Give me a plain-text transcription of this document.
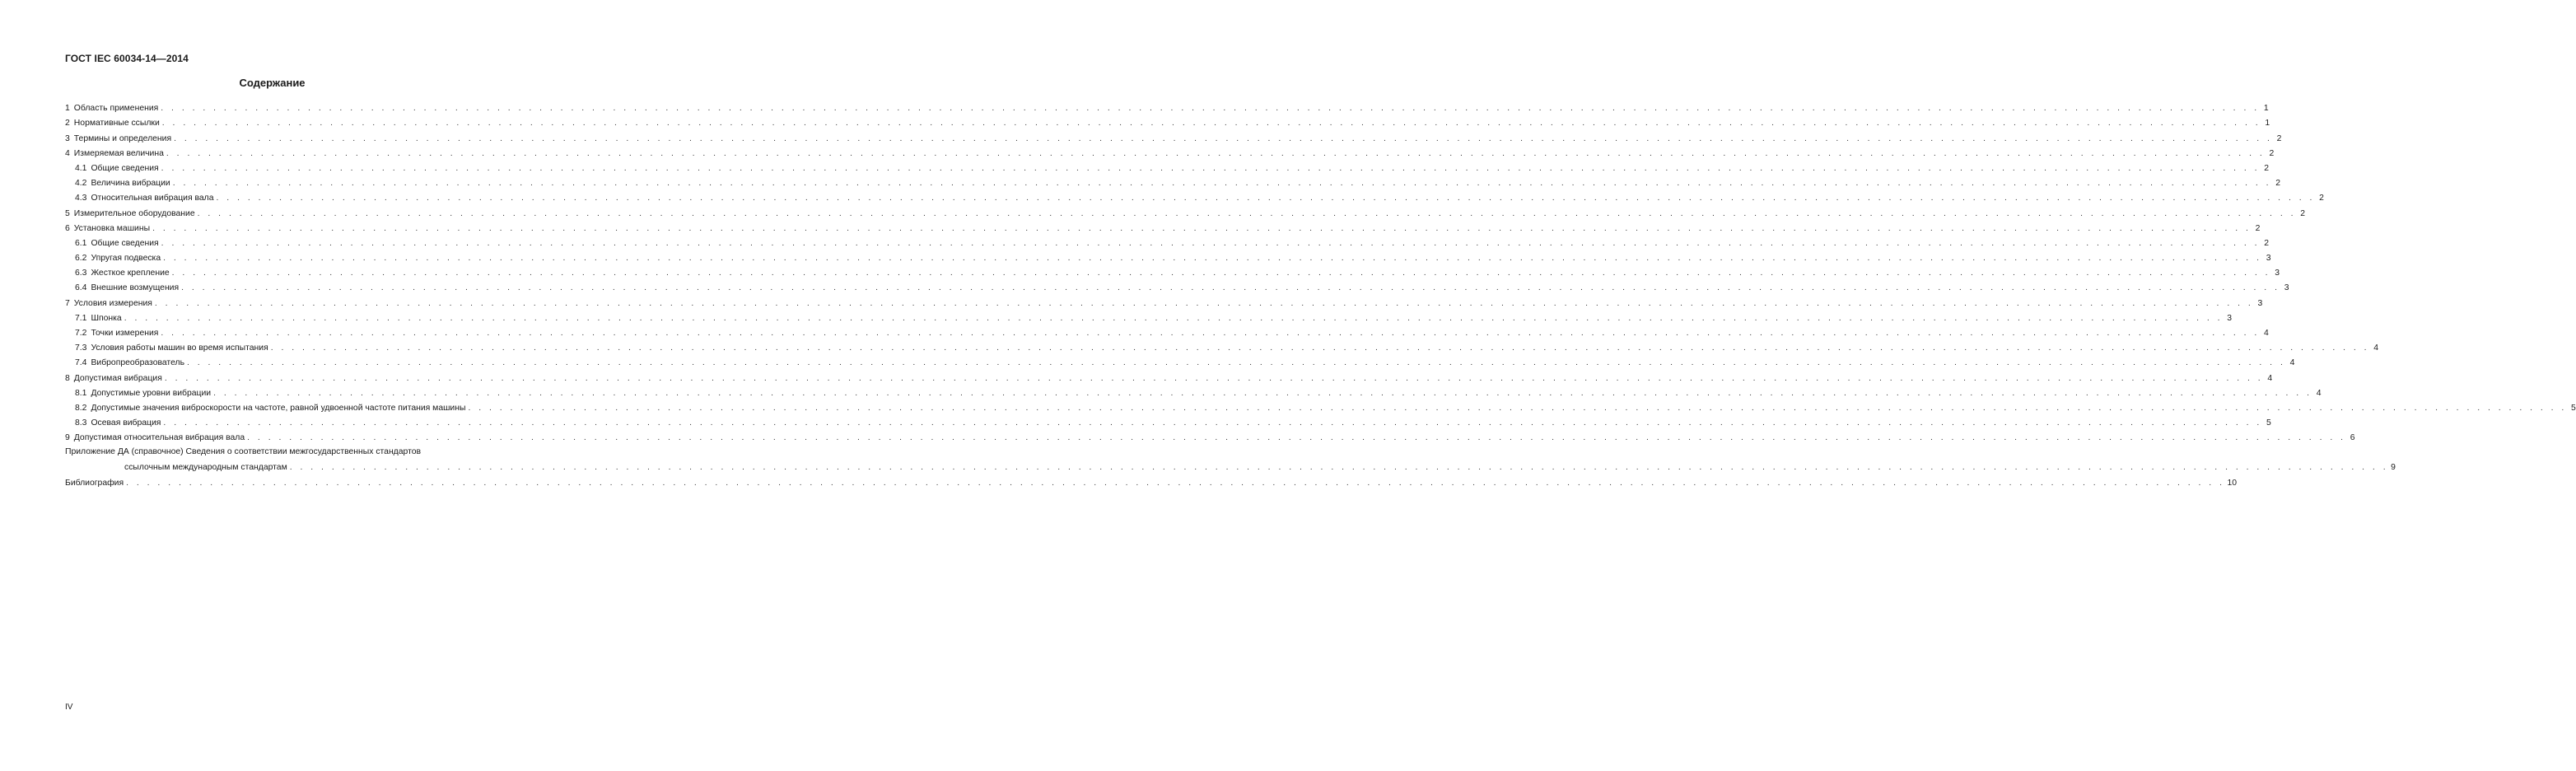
ГОСТ IEC 60034-14—2014
Содержание
1 Область применения . . . . . . . . . . . . . . . . . . . . . . . . . . . . . . . . . . . . . . . . . . . . . . . . . . . . . . . . . . . . . . . . . . . . . . . . . . . . . . . . . . . . . . . . . . . . . . . . . . . . . . . . . . . . . . . . . . . . . . . . . . . . . . . . . . . . . . . . . . . . . . . . . . . . . . . . . . . . . . . . . . . . . . . . . . . . . . . . . . . . . . . . . . . . . . . . . . . . . . . . 1
2 Нормативные ссылки . . . . . . . . . . . . . . . . . . . . . . . . . . . . . . . . . . . . . . . . . . . . . . . . . . . . . . . . . . . . . . . . . . . . . . . . . . . . . . . . . . . . . . . . . . . . . . . . . . . . . . . . . . . . . . . . . . . . . . . . . . . . . . . . . . . . . . . . . . . . . . . . . . . . . . . . . . . . . . . . . . . . . . . . . . . . . . . . . . . . . . . . . . . . . . . . . . . . . . . . 1
3 Термины и определения . . . . . . . . . . . . . . . . . . . . . . . . . . . . . . . . . . . . . . . . . . . . . . . . . . . . . . . . . . . . . . . . . . . . . . . . . . . . . . . . . . . . . . . . . . . . . . . . . . . . . . . . . . . . . . . . . . . . . . . . . . . . . . . . . . . . . . . . . . . . . . . . . . . . . . . . . . . . . . . . . . . . . . . . . . . . . . . . . . . . . . . . . . . . . . . . . . . . . . . . 2
4 Измеряемая величина . . . . . . . . . . . . . . . . . . . . . . . . . . . . . . . . . . . . . . . . . . . . . . . . . . . . . . . . . . . . . . . . . . . . . . . . . . . . . . . . . . . . . . . . . . . . . . . . . . . . . . . . . . . . . . . . . . . . . . . . . . . . . . . . . . . . . . . . . . . . . . . . . . . . . . . . . . . . . . . . . . . . . . . . . . . . . . . . . . . . . . . . . . . . . . . . . . . . . . . . 2
4.1 Общие сведения . . . . . . . . . . . . . . . . . . . . . . . . . . . . . . . . . . . . . . . . . . . . . . . . . . . . . . . . . . . . . . . . . . . . . . . . . . . . . . . . . . . . . . . . . . . . . . . . . . . . . . . . . . . . . . . . . . . . . . . . . . . . . . . . . . . . . . . . . . . . . . . . . . . . . . . . . . . . . . . . . . . . . . . . . . . . . . . . . . . . . . . . . . . . . . . . . . . . . . . . 2
4.2 Величина вибрации . . . . . . . . . . . . . . . . . . . . . . . . . . . . . . . . . . . . . . . . . . . . . . . . . . . . . . . . . . . . . . . . . . . . . . . . . . . . . . . . . . . . . . . . . . . . . . . . . . . . . . . . . . . . . . . . . . . . . . . . . . . . . . . . . . . . . . . . . . . . . . . . . . . . . . . . . . . . . . . . . . . . . . . . . . . . . . . . . . . . . . . . . . . . . . . . . . . . . . . . 2
4.3 Относительная вибрация вала . . . . . . . . . . . . . . . . . . . . . . . . . . . . . . . . . . . . . . . . . . . . . . . . . . . . . . . . . . . . . . . . . . . . . . . . . . . . . . . . . . . . . . . . . . . . . . . . . . . . . . . . . . . . . . . . . . . . . . . . . . . . . . . . . . . . . . . . . . . . . . . . . . . . . . . . . . . . . . . . . . . . . . . . . . . . . . . . . . . . . . . . . . . . . . . . . . . . . . . . 2
5 Измерительное оборудование . . . . . . . . . . . . . . . . . . . . . . . . . . . . . . . . . . . . . . . . . . . . . . . . . . . . . . . . . . . . . . . . . . . . . . . . . . . . . . . . . . . . . . . . . . . . . . . . . . . . . . . . . . . . . . . . . . . . . . . . . . . . . . . . . . . . . . . . . . . . . . . . . . . . . . . . . . . . . . . . . . . . . . . . . . . . . . . . . . . . . . . . . . . . . . . . . . . . . . . . 2
6 Установка машины . . . . . . . . . . . . . . . . . . . . . . . . . . . . . . . . . . . . . . . . . . . . . . . . . . . . . . . . . . . . . . . . . . . . . . . . . . . . . . . . . . . . . . . . . . . . . . . . . . . . . . . . . . . . . . . . . . . . . . . . . . . . . . . . . . . . . . . . . . . . . . . . . . . . . . . . . . . . . . . . . . . . . . . . . . . . . . . . . . . . . . . . . . . . . . . . . . . . . . . . 2
6.1 Общие сведения . . . . . . . . . . . . . . . . . . . . . . . . . . . . . . . . . . . . . . . . . . . . . . . . . . . . . . . . . . . . . . . . . . . . . . . . . . . . . . . . . . . . . . . . . . . . . . . . . . . . . . . . . . . . . . . . . . . . . . . . . . . . . . . . . . . . . . . . . . . . . . . . . . . . . . . . . . . . . . . . . . . . . . . . . . . . . . . . . . . . . . . . . . . . . . . . . . . . . . . . 2
6.2 Упругая подвеска . . . . . . . . . . . . . . . . . . . . . . . . . . . . . . . . . . . . . . . . . . . . . . . . . . . . . . . . . . . . . . . . . . . . . . . . . . . . . . . . . . . . . . . . . . . . . . . . . . . . . . . . . . . . . . . . . . . . . . . . . . . . . . . . . . . . . . . . . . . . . . . . . . . . . . . . . . . . . . . . . . . . . . . . . . . . . . . . . . . . . . . . . . . . . . . . . . . . . . . . 3
6.3 Жесткое крепление . . . . . . . . . . . . . . . . . . . . . . . . . . . . . . . . . . . . . . . . . . . . . . . . . . . . . . . . . . . . . . . . . . . . . . . . . . . . . . . . . . . . . . . . . . . . . . . . . . . . . . . . . . . . . . . . . . . . . . . . . . . . . . . . . . . . . . . . . . . . . . . . . . . . . . . . . . . . . . . . . . . . . . . . . . . . . . . . . . . . . . . . . . . . . . . . . . . . . . . . 3
6.4 Внешние возмущения . . . . . . . . . . . . . . . . . . . . . . . . . . . . . . . . . . . . . . . . . . . . . . . . . . . . . . . . . . . . . . . . . . . . . . . . . . . . . . . . . . . . . . . . . . . . . . . . . . . . . . . . . . . . . . . . . . . . . . . . . . . . . . . . . . . . . . . . . . . . . . . . . . . . . . . . . . . . . . . . . . . . . . . . . . . . . . . . . . . . . . . . . . . . . . . . . . . . . . . . 3
7 Условия измерения . . . . . . . . . . . . . . . . . . . . . . . . . . . . . . . . . . . . . . . . . . . . . . . . . . . . . . . . . . . . . . . . . . . . . . . . . . . . . . . . . . . . . . . . . . . . . . . . . . . . . . . . . . . . . . . . . . . . . . . . . . . . . . . . . . . . . . . . . . . . . . . . . . . . . . . . . . . . . . . . . . . . . . . . . . . . . . . . . . . . . . . . . . . . . . . . . . . . . . . . 3
7.1 Шпонка . . . . . . . . . . . . . . . . . . . . . . . . . . . . . . . . . . . . . . . . . . . . . . . . . . . . . . . . . . . . . . . . . . . . . . . . . . . . . . . . . . . . . . . . . . . . . . . . . . . . . . . . . . . . . . . . . . . . . . . . . . . . . . . . . . . . . . . . . . . . . . . . . . . . . . . . . . . . . . . . . . . . . . . . . . . . . . . . . . . . . . . . . . . . . . . . . . . . . . . . 3
7.2 Точки измерения . . . . . . . . . . . . . . . . . . . . . . . . . . . . . . . . . . . . . . . . . . . . . . . . . . . . . . . . . . . . . . . . . . . . . . . . . . . . . . . . . . . . . . . . . . . . . . . . . . . . . . . . . . . . . . . . . . . . . . . . . . . . . . . . . . . . . . . . . . . . . . . . . . . . . . . . . . . . . . . . . . . . . . . . . . . . . . . . . . . . . . . . . . . . . . . . . . . . . . . . 4
7.3 Условия работы машин во время испытания . . . . . . . . . . . . . . . . . . . . . . . . . . . . . . . . . . . . . . . . . . . . . . . . . . . . . . . . . . . . . . . . . . . . . . . . . . . . . . . . . . . . . . . . . . . . . . . . . . . . . . . . . . . . . . . . . . . . . . . . . . . . . . . . . . . . . . . . . . . . . . . . . . . . . . . . . . . . . . . . . . . . . . . . . . . . . . . . . . . . . . . . . . . . . . . . . . . . . . . . 4
7.4 Вибропреобразователь . . . . . . . . . . . . . . . . . . . . . . . . . . . . . . . . . . . . . . . . . . . . . . . . . . . . . . . . . . . . . . . . . . . . . . . . . . . . . . . . . . . . . . . . . . . . . . . . . . . . . . . . . . . . . . . . . . . . . . . . . . . . . . . . . . . . . . . . . . . . . . . . . . . . . . . . . . . . . . . . . . . . . . . . . . . . . . . . . . . . . . . . . . . . . . . . . . . . . . . . 4
8 Допустимая вибрация . . . . . . . . . . . . . . . . . . . . . . . . . . . . . . . . . . . . . . . . . . . . . . . . . . . . . . . . . . . . . . . . . . . . . . . . . . . . . . . . . . . . . . . . . . . . . . . . . . . . . . . . . . . . . . . . . . . . . . . . . . . . . . . . . . . . . . . . . . . . . . . . . . . . . . . . . . . . . . . . . . . . . . . . . . . . . . . . . . . . . . . . . . . . . . . . . . . . . . . . 4
8.1 Допустимые уровни вибрации . . . . . . . . . . . . . . . . . . . . . . . . . . . . . . . . . . . . . . . . . . . . . . . . . . . . . . . . . . . . . . . . . . . . . . . . . . . . . . . . . . . . . . . . . . . . . . . . . . . . . . . . . . . . . . . . . . . . . . . . . . . . . . . . . . . . . . . . . . . . . . . . . . . . . . . . . . . . . . . . . . . . . . . . . . . . . . . . . . . . . . . . . . . . . . . . . . . . . . . . 4
8.2 Допустимые значения виброскорости на частоте, равной удвоенной частоте питания машины . . . . . . . . . . . . . . . . . . . . . . . . . . . . . . . . . . . . . . . . . . . . . . . . . . . . . . . . . . . . . . . . . . . . . . . . . . . . . . . . . . . . . . . . . . . . . . . . . . . . . . . . . . . . . . . . . . . . . . . . . . . . . . . . . . . . . . . . . . . . . . . . . . . . . . . . . . . . . . . . . . . . . . . . . . . . . . . . . . . . . . . . . . . . . . . . . . . . . . . . 5
8.3 Осевая вибрация . . . . . . . . . . . . . . . . . . . . . . . . . . . . . . . . . . . . . . . . . . . . . . . . . . . . . . . . . . . . . . . . . . . . . . . . . . . . . . . . . . . . . . . . . . . . . . . . . . . . . . . . . . . . . . . . . . . . . . . . . . . . . . . . . . . . . . . . . . . . . . . . . . . . . . . . . . . . . . . . . . . . . . . . . . . . . . . . . . . . . . . . . . . . . . . . . . . . . . . . 5
9 Допустимая относительная вибрация вала . . . . . . . . . . . . . . . . . . . . . . . . . . . . . . . . . . . . . . . . . . . . . . . . . . . . . . . . . . . . . . . . . . . . . . . . . . . . . . . . . . . . . . . . . . . . . . . . . . . . . . . . . . . . . . . . . . . . . . . . . . . . . . . . . . . . . . . . . . . . . . . . . . . . . . . . . . . . . . . . . . . . . . . . . . . . . . . . . . . . . . . . . . . . . . . . . . . . . . . . 6
Приложение ДА (справочное) Сведения о соответствии межгосударственных стандартов
ссылочным международным стандартам . . . . . . . . . . . . . . . . . . . . . . . . . . . . . . . . . . . . . . . . . . . . . . . . . . . . . . . . . . . . . . . . . . . . . . . . . . . . . . . . . . . . . . . . . . . . . . . . . . . . . . . . . . . . . . . . . . . . . . . . . . . . . . . . . . . . . . . . . . . . . . . . . . . . . . . . . . . . . . . . . . . . . . . . . . . . . . . . . . . . . . . . . . . . . . . . . . . . . . . . 9
Библиография . . . . . . . . . . . . . . . . . . . . . . . . . . . . . . . . . . . . . . . . . . . . . . . . . . . . . . . . . . . . . . . . . . . . . . . . . . . . . . . . . . . . . . . . . . . . . . . . . . . . . . . . . . . . . . . . . . . . . . . . . . . . . . . . . . . . . . . . . . . . . . . . . . . . . . . . . . . . . . . . . . . . . . . . . . . . . . . . . . . . . . . . . . . . . . . . . . . . . . . . 10
IV
